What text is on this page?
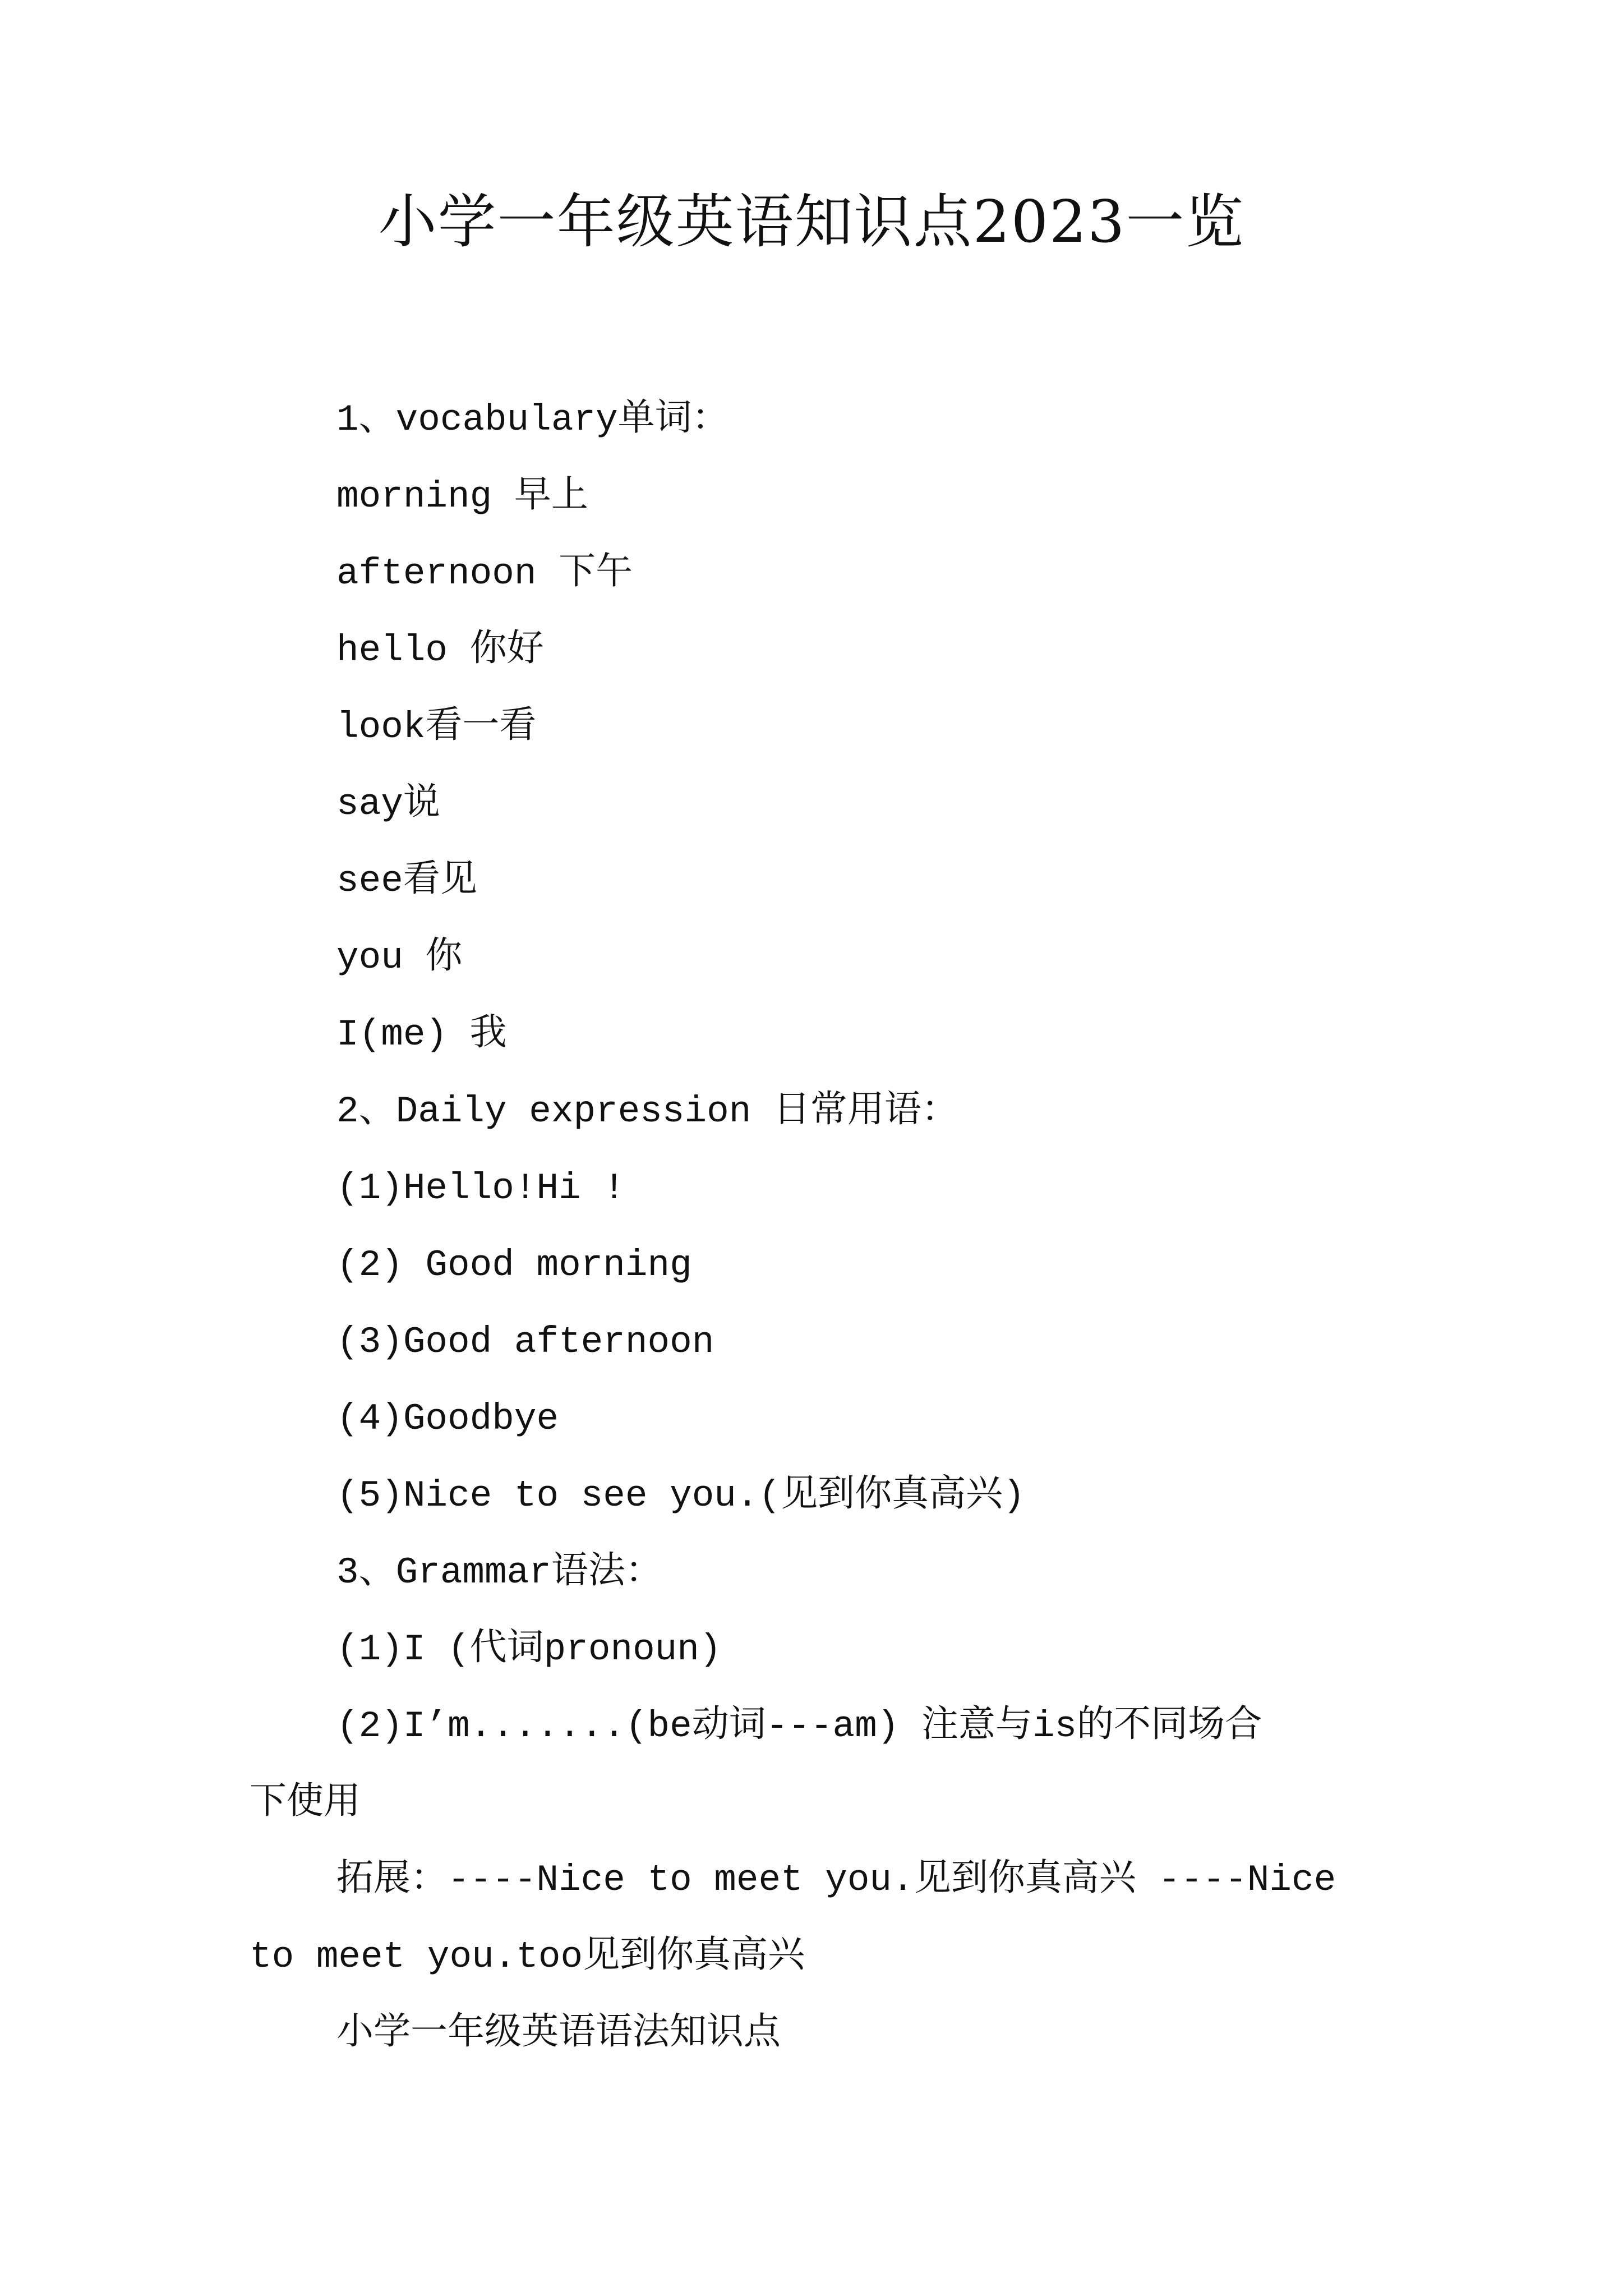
小学一年级英语知识点2023一览
1、vocabulary单词：
morning 早上
afternoon 下午
hello 你好
look看一看
say说
see看见
you 你
I(me) 我
2、Daily expression 日常用语：
(1)Hello!Hi !
(2) Good morning
(3)Good afternoon
(4)Goodbye
(5)Nice to see you.(见到你真高兴)
3、Grammar语法：
(1)I (代词pronoun)
(2)I’m.......(be动词---am) 注意与is的不同场合
下使用
拓展：----Nice to meet you.见到你真高兴 ----Nice
to meet you.too见到你真高兴
小学一年级英语语法知识点
